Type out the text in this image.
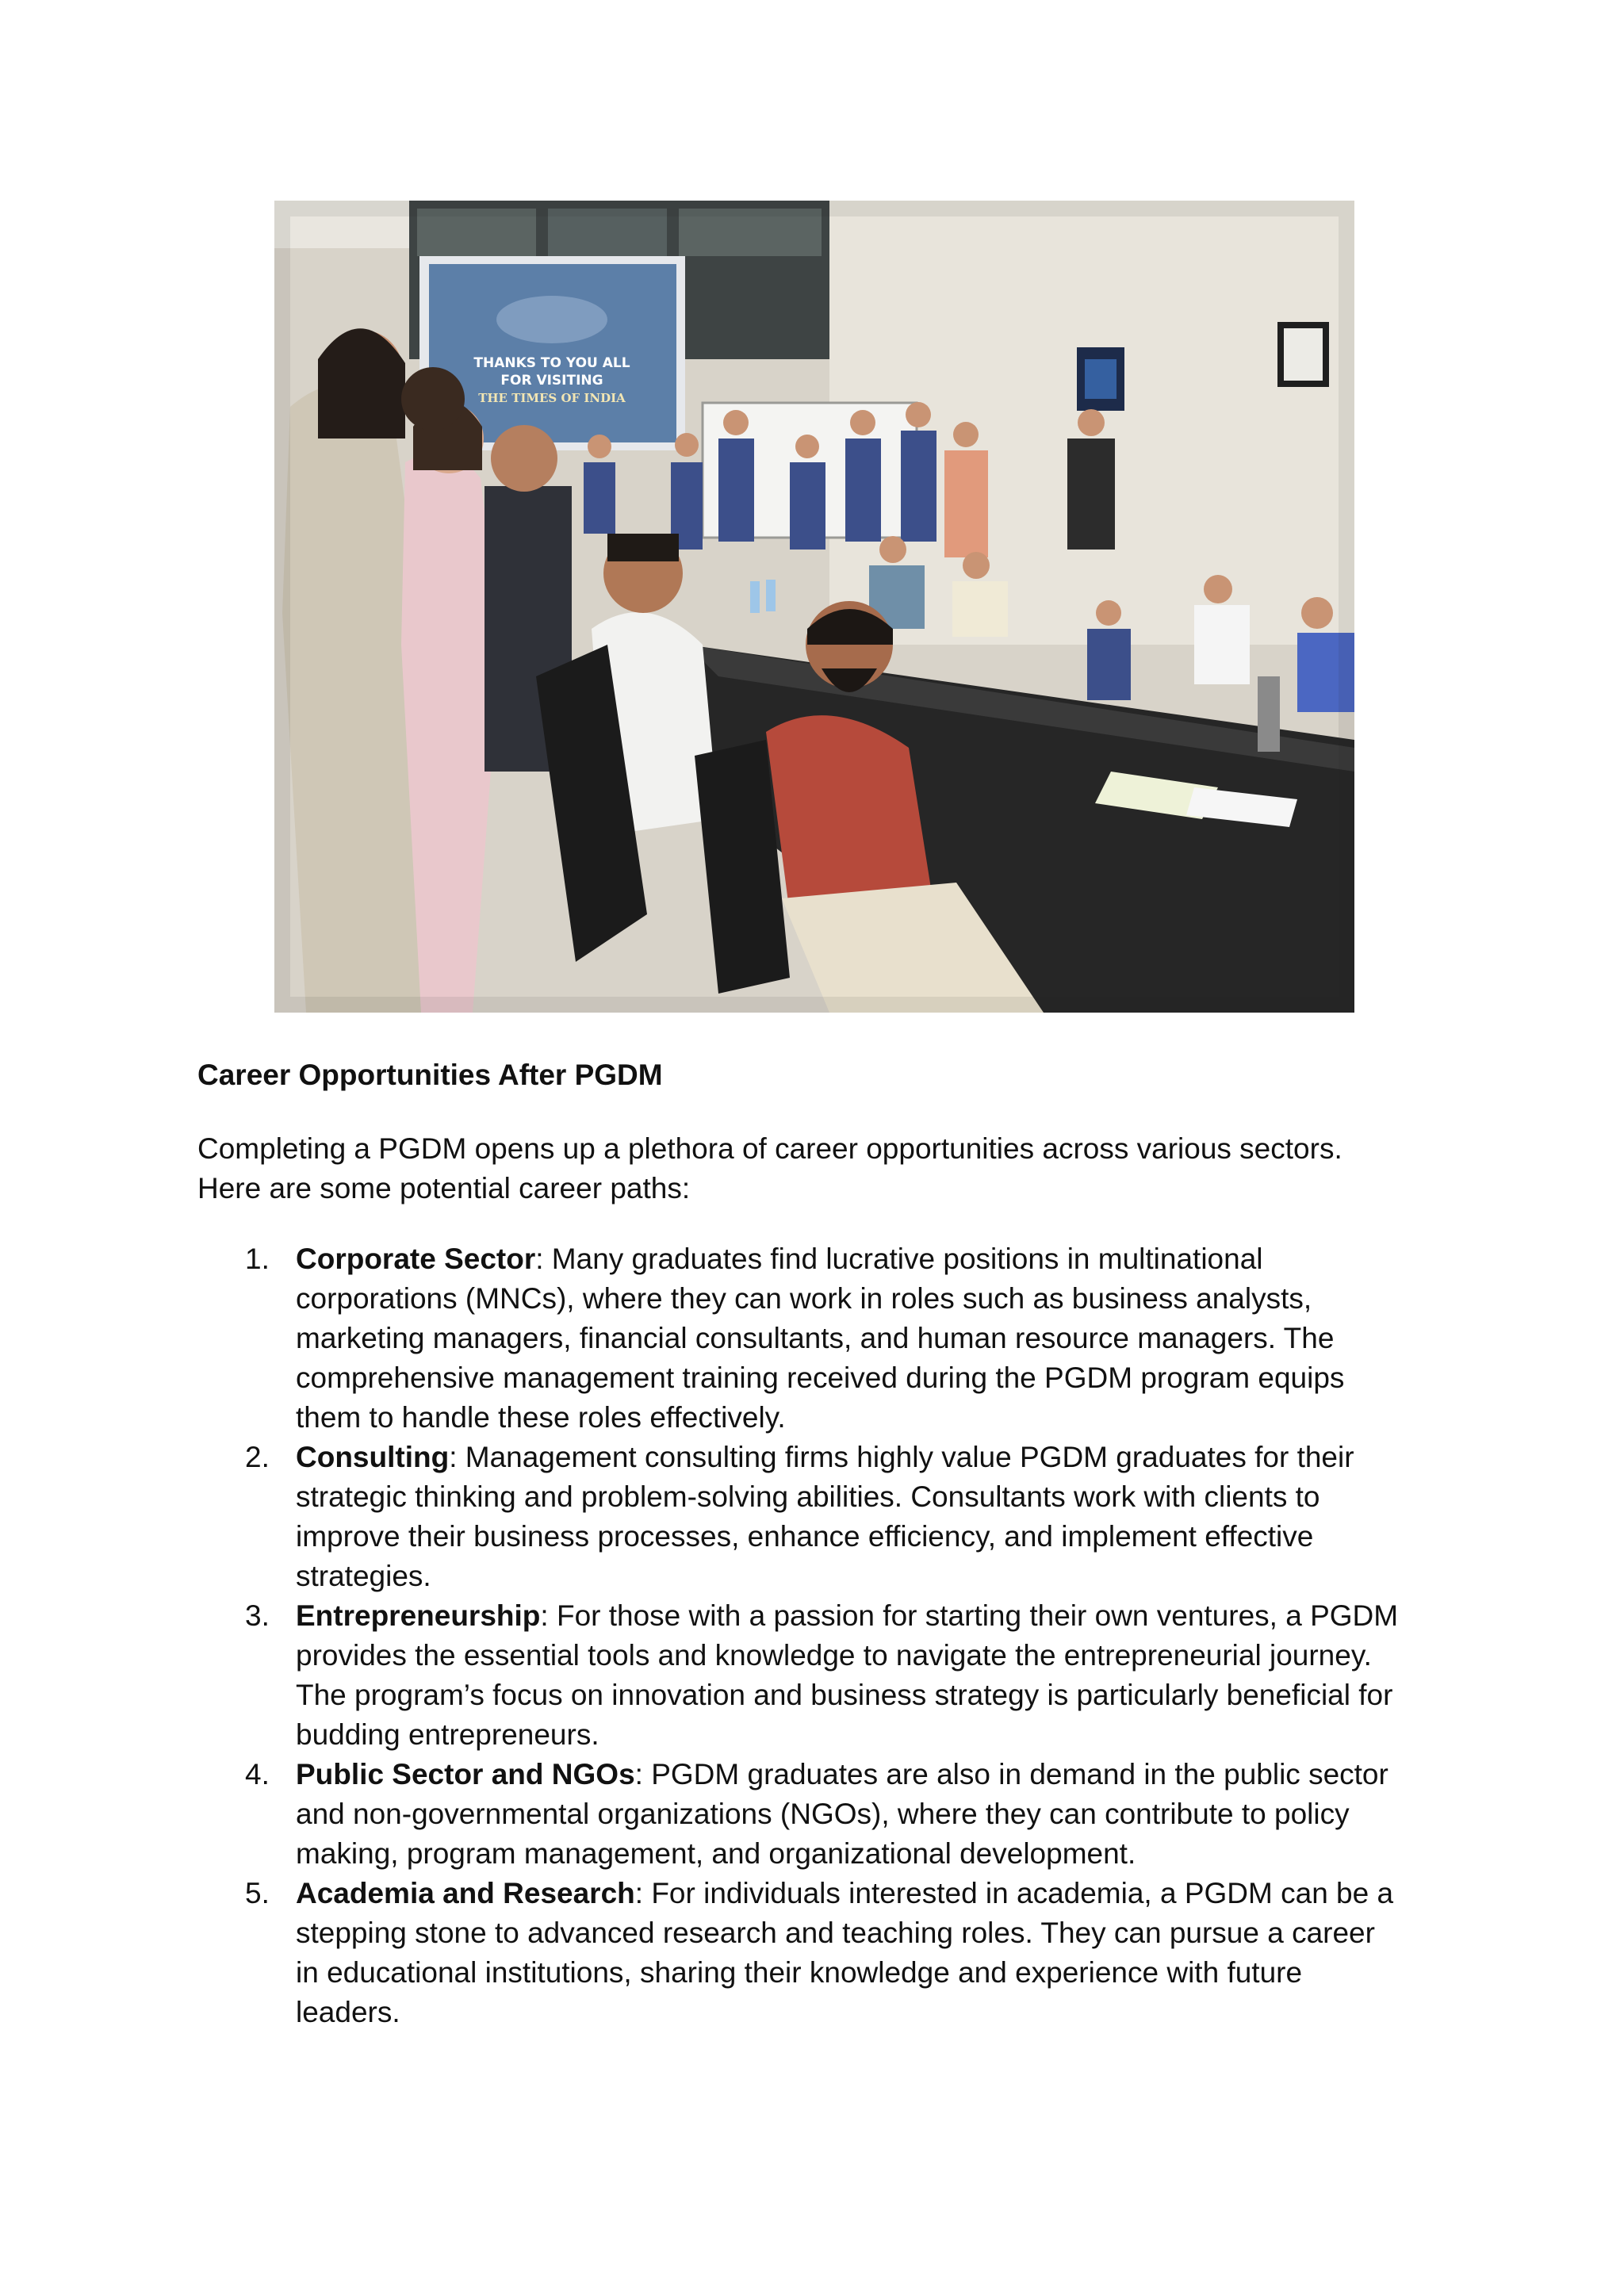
THANKS TO YOU ALL
FOR VISITING
THE TIMES OF INDIA
Career Opportunities After PGDM

Completing a PGDM opens up a plethora of career opportunities across various sectors.
Here are some potential career paths:

1. Corporate Sector: Many graduates find lucrative positions in multinational
corporations (MNCs), where they can work in roles such as business analysts,
marketing managers, financial consultants, and human resource managers. The
comprehensive management training received during the PGDM program equips
them to handle these roles effectively.
2. Consulting: Management consulting firms highly value PGDM graduates for their
strategic thinking and problem-solving abilities. Consultants work with clients to
improve their business processes, enhance efficiency, and implement effective
strategies.
3. Entrepreneurship: For those with a passion for starting their own ventures, a PGDM
provides the essential tools and knowledge to navigate the entrepreneurial journey.
The program’s focus on innovation and business strategy is particularly beneficial for
budding entrepreneurs.
4. Public Sector and NGOs: PGDM graduates are also in demand in the public sector
and non-governmental organizations (NGOs), where they can contribute to policy
making, program management, and organizational development.
5. Academia and Research: For individuals interested in academia, a PGDM can be a
stepping stone to advanced research and teaching roles. They can pursue a career
in educational institutions, sharing their knowledge and experience with future
leaders.
